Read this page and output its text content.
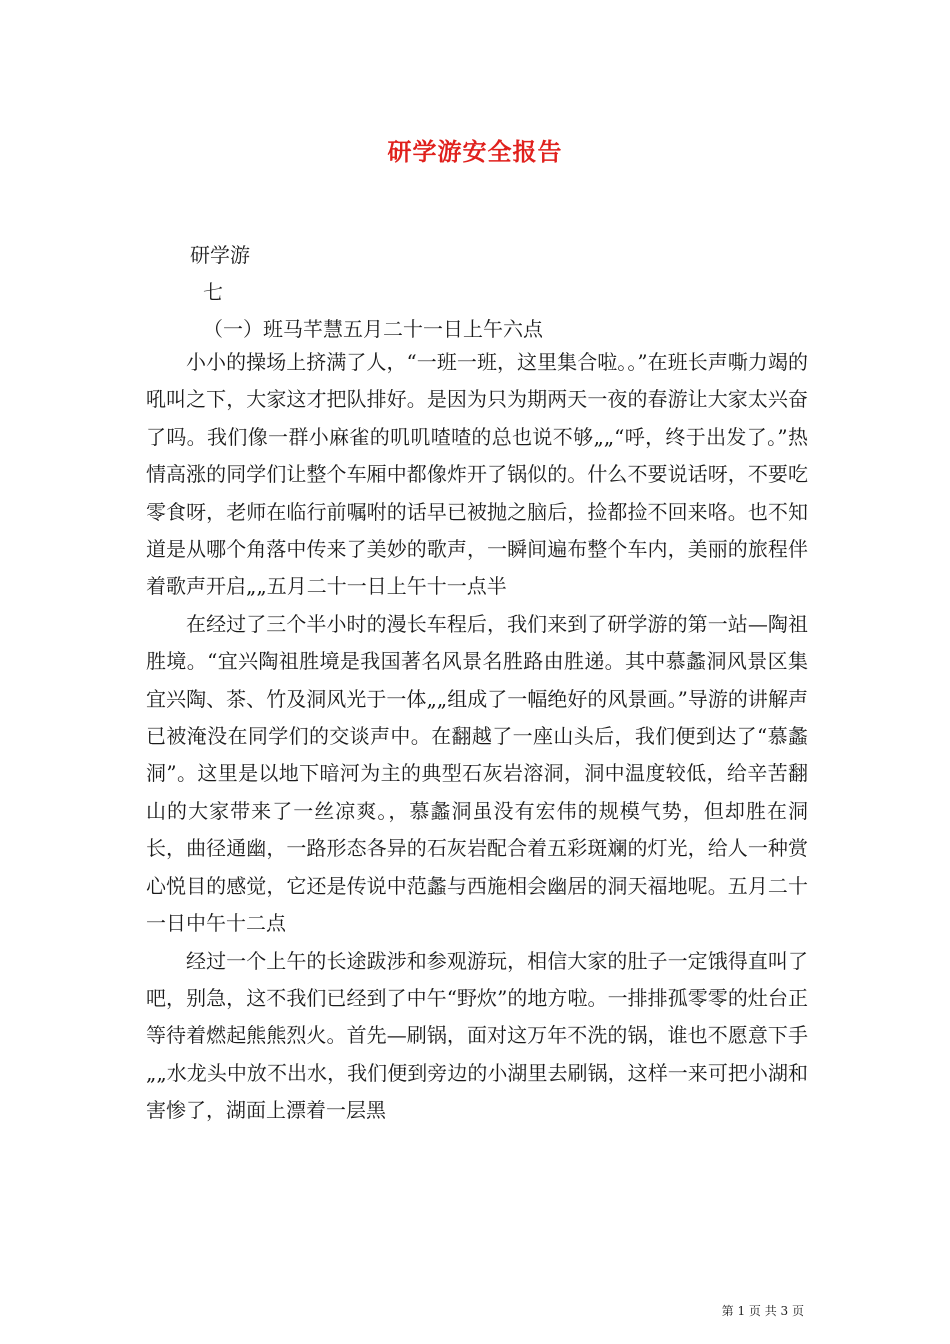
研学游安全报告

研学游

七

（一）班马芊慧五月二十一日上午六点

小小的操场上挤满了人，“一班一班，这里集合啦。。”在班长声嘶力竭的吼叫之下，大家这才把队排好。是因为只为期两天一夜的春游让大家太兴奋了吗。我们像一群小麻雀的叽叽喳喳的总也说不够„„“呼，终于出发了。”热情高涨的同学们让整个车厢中都像炸开了锅似的。什么不要说话呀，不要吃零食呀，老师在临行前嘱咐的话早已被抛之脑后，捡都捡不回来咯。也不知道是从哪个角落中传来了美妙的歌声，一瞬间遍布整个车内，美丽的旅程伴着歌声开启„„五月二十一日上午十一点半

在经过了三个半小时的漫长车程后，我们来到了研学游的第一站—陶祖胜境。“宜兴陶祖胜境是我国著名风景名胜路由胜递。其中慕蠡洞风景区集宜兴陶、茶、竹及洞风光于一体„„组成了一幅绝好的风景画。”导游的讲解声已被淹没在同学们的交谈声中。在翻越了一座山头后，我们便到达了“慕蠡洞”。这里是以地下暗河为主的典型石灰岩溶洞，洞中温度较低，给辛苦翻山的大家带来了一丝凉爽。，慕蠡洞虽没有宏伟的规模气势，但却胜在洞长，曲径通幽，一路形态各异的石灰岩配合着五彩斑斓的灯光，给人一种赏心悦目的感觉，它还是传说中范蠡与西施相会幽居的洞天福地呢。五月二十一日中午十二点

经过一个上午的长途跋涉和参观游玩，相信大家的肚子一定饿得直叫了吧，别急，这不我们已经到了中午“野炊”的地方啦。一排排孤零零的灶台正等待着燃起熊熊烈火。首先—刷锅，面对这万年不洗的锅，谁也不愿意下手„„水龙头中放不出水，我们便到旁边的小湖里去刷锅，这样一来可把小湖和害惨了，湖面上漂着一层黑

第 1 页 共 3 页
